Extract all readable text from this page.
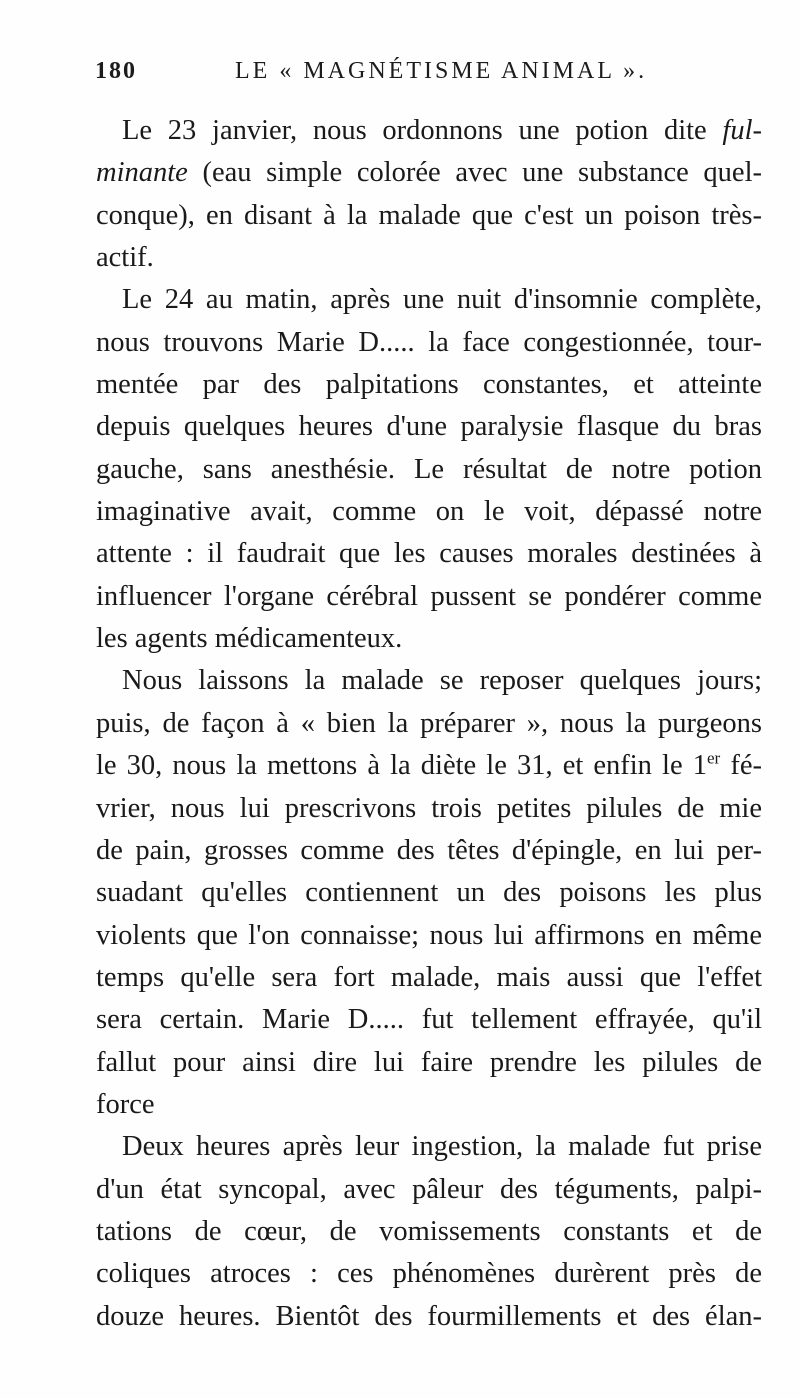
180	LE « MAGNÉTISME ANIMAL ».
Le 23 janvier, nous ordonnons une potion dite ful-
minante (eau simple colorée avec une substance quel-
conque), en disant à la malade que c'est un poison très-
actif.
Le 24 au matin, après une nuit d'insomnie complète,
nous trouvons Marie D..... la face congestionnée, tour-
mentée par des palpitations constantes, et atteinte
depuis quelques heures d'une paralysie flasque du bras
gauche, sans anesthésie. Le résultat de notre potion
imaginative avait, comme on le voit, dépassé notre
attente : il faudrait que les causes morales destinées à
influencer l'organe cérébral pussent se pondérer comme
les agents médicamenteux.
Nous laissons la malade se reposer quelques jours;
puis, de façon à « bien la préparer », nous la purgeons
le 30, nous la mettons à la diète le 31, et enfin le 1er fé-
vrier, nous lui prescrivons trois petites pilules de mie
de pain, grosses comme des têtes d'épingle, en lui per-
suadant qu'elles contiennent un des poisons les plus
violents que l'on connaisse; nous lui affirmons en même
temps qu'elle sera fort malade, mais aussi que l'effet
sera certain. Marie D..... fut tellement effrayée, qu'il
fallut pour ainsi dire lui faire prendre les pilules de
force
Deux heures après leur ingestion, la malade fut prise
d'un état syncopal, avec pâleur des téguments, palpi-
tations de cœur, de vomissements constants et de
coliques atroces : ces phénomènes durèrent près de
douze heures. Bientôt des fourmillements et des élan-
